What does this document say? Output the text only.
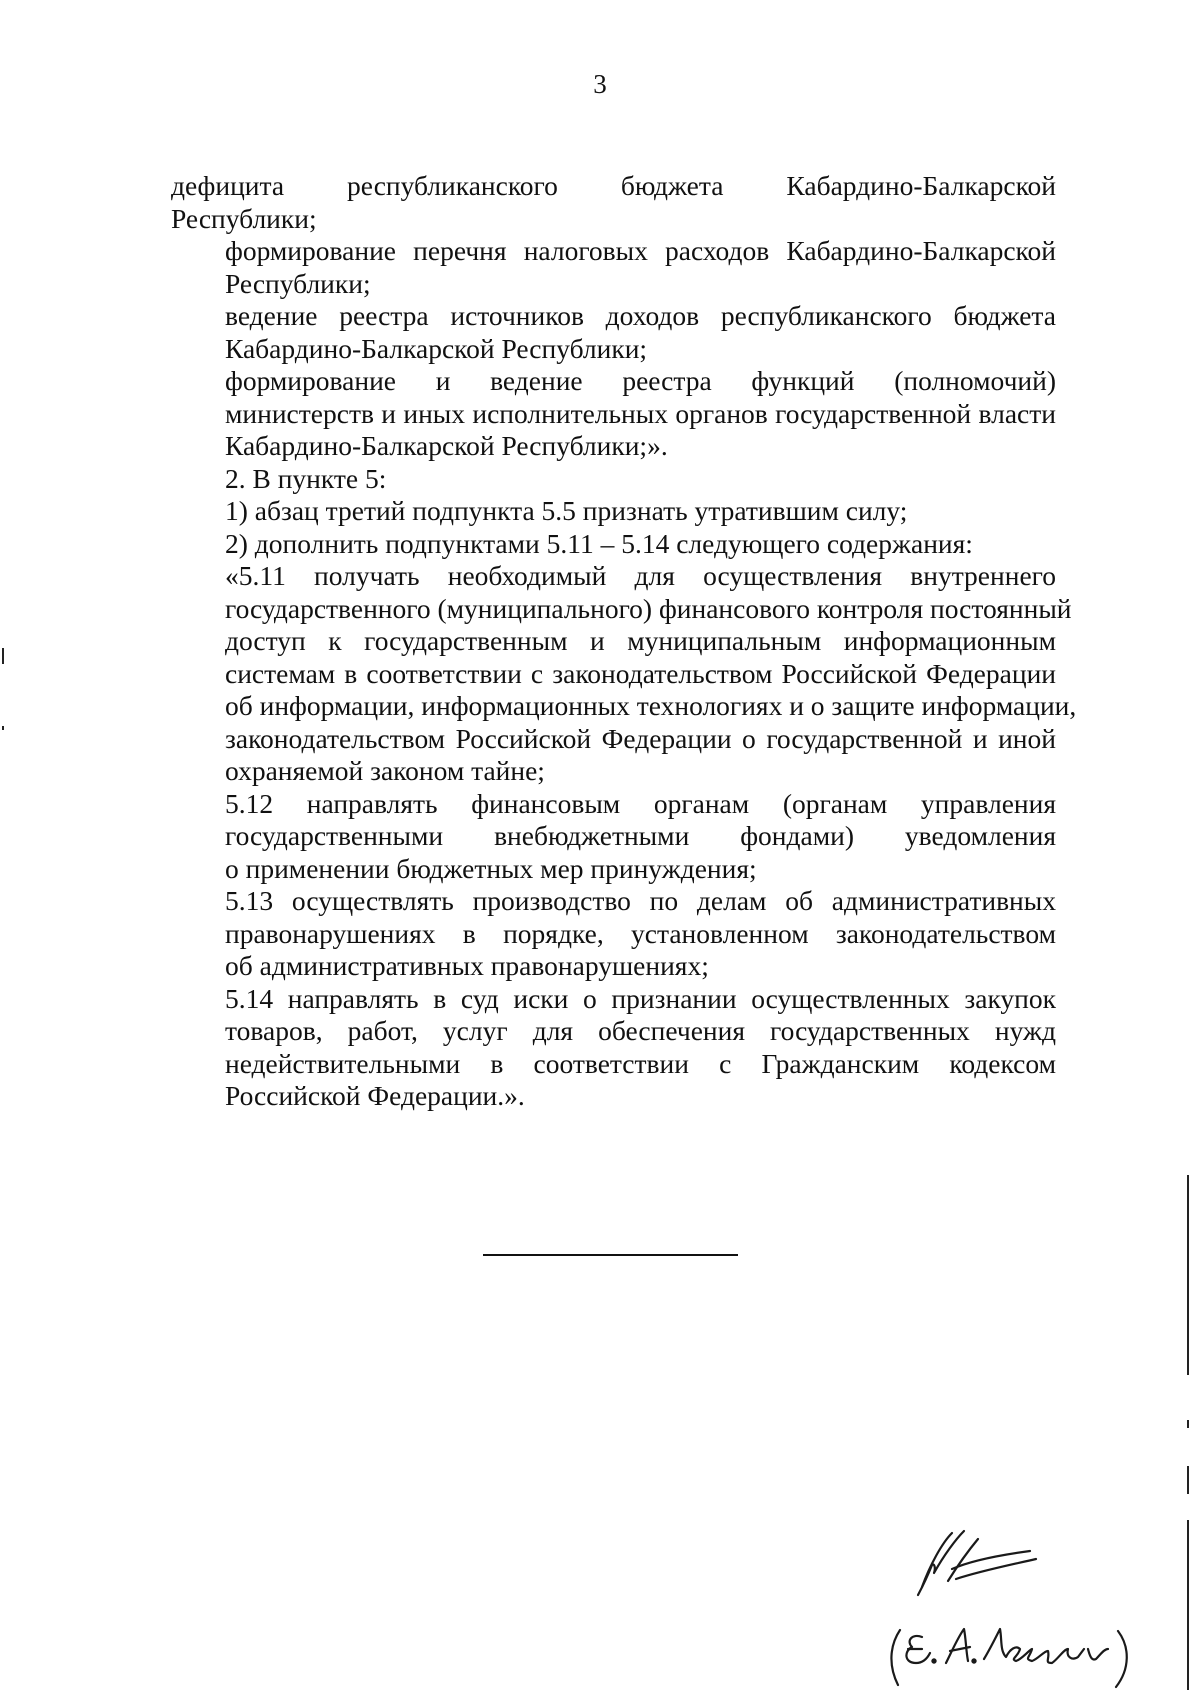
3
дефицита республиканского бюджета Кабардино-Балкарской
Республики;
формирование перечня налоговых расходов Кабардино-Балкарской
Республики;
ведение реестра источников доходов республиканского бюджета
Кабардино-Балкарской Республики;
формирование и ведение реестра функций (полномочий)
министерств и иных исполнительных органов государственной власти
Кабардино-Балкарской Республики;».
2. В пункте 5:
1) абзац третий подпункта 5.5 признать утратившим силу;
2) дополнить подпунктами 5.11 – 5.14 следующего содержания:
«5.11 получать необходимый для осуществления внутреннего
государственного (муниципального) финансового контроля постоянный
доступ к государственным и муниципальным информационным
системам в соответствии с законодательством Российской Федерации
об информации, информационных технологиях и о защите информации,
законодательством Российской Федерации о государственной и иной
охраняемой законом тайне;
5.12 направлять финансовым органам (органам управления
государственными внебюджетными фондами) уведомления
о применении бюджетных мер принуждения;
5.13 осуществлять производство по делам об административных
правонарушениях в порядке, установленном законодательством
об административных правонарушениях;
5.14 направлять в суд иски о признании осуществленных закупок
товаров, работ, услуг для обеспечения государственных нужд
недействительными в соответствии с Гражданским кодексом
Российской Федерации.».
